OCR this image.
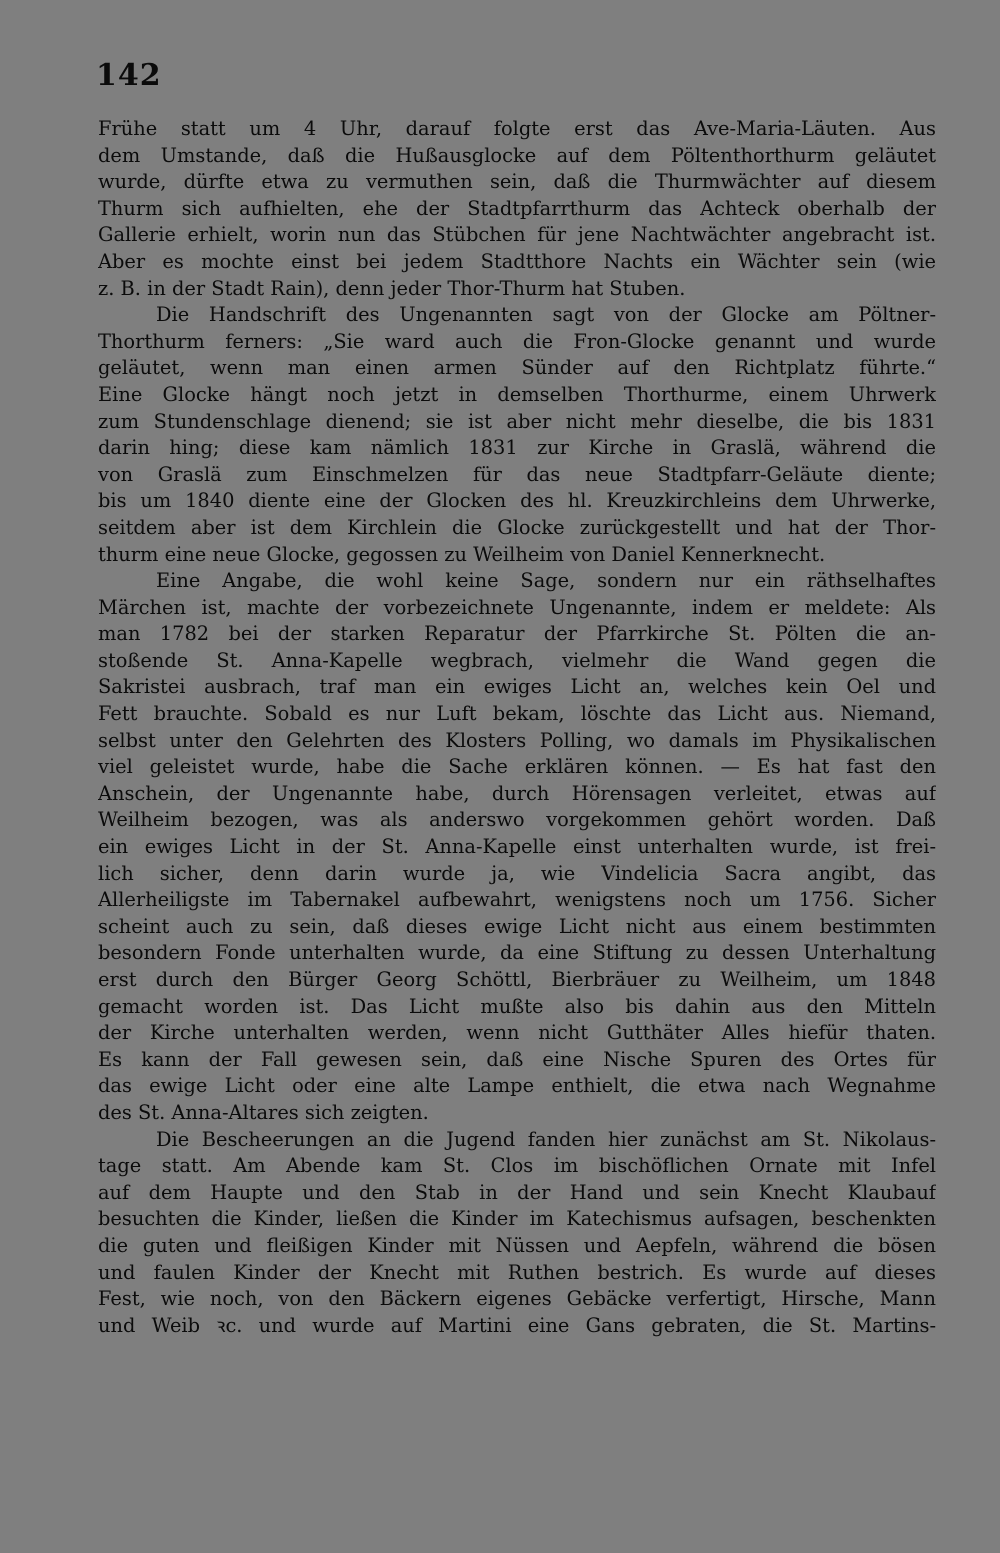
142
Frühe statt um 4 Uhr, darauf folgte erst das Ave-Maria-Läuten. Aus
dem Umstande, daß die Hußausglocke auf dem Pöltenthorthurm geläutet
wurde, dürfte etwa zu vermuthen sein, daß die Thurmwächter auf diesem
Thurm sich aufhielten, ehe der Stadtpfarrthurm das Achteck oberhalb der
Gallerie erhielt, worin nun das Stübchen für jene Nachtwächter angebracht ist.
Aber es mochte einst bei jedem Stadtthore Nachts ein Wächter sein (wie
z. B. in der Stadt Rain), denn jeder Thor-Thurm hat Stuben.
Die Handschrift des Ungenannten sagt von der Glocke am Pöltner-
Thorthurm ferners: „Sie ward auch die Fron-Glocke genannt und wurde
geläutet, wenn man einen armen Sünder auf den Richtplatz führte.“
Eine Glocke hängt noch jetzt in demselben Thorthurme, einem Uhrwerk
zum Stundenschlage dienend; sie ist aber nicht mehr dieselbe, die bis 1831
darin hing; diese kam nämlich 1831 zur Kirche in Graslä, während die
von Graslä zum Einschmelzen für das neue Stadtpfarr-Geläute diente;
bis um 1840 diente eine der Glocken des hl. Kreuzkirchleins dem Uhrwerke,
seitdem aber ist dem Kirchlein die Glocke zurückgestellt und hat der Thor-
thurm eine neue Glocke, gegossen zu Weilheim von Daniel Kennerknecht.
Eine Angabe, die wohl keine Sage, sondern nur ein räthselhaftes
Märchen ist, machte der vorbezeichnete Ungenannte, indem er meldete: Als
man 1782 bei der starken Reparatur der Pfarrkirche St. Pölten die an-
stoßende St. Anna-Kapelle wegbrach, vielmehr die Wand gegen die
Sakristei ausbrach, traf man ein ewiges Licht an, welches kein Oel und
Fett brauchte. Sobald es nur Luft bekam, löschte das Licht aus. Niemand,
selbst unter den Gelehrten des Klosters Polling, wo damals im Physikalischen
viel geleistet wurde, habe die Sache erklären können. — Es hat fast den
Anschein, der Ungenannte habe, durch Hörensagen verleitet, etwas auf
Weilheim bezogen, was als anderswo vorgekommen gehört worden. Daß
ein ewiges Licht in der St. Anna-Kapelle einst unterhalten wurde, ist frei-
lich sicher, denn darin wurde ja, wie Vindelicia Sacra angibt, das
Allerheiligste im Tabernakel aufbewahrt, wenigstens noch um 1756. Sicher
scheint auch zu sein, daß dieses ewige Licht nicht aus einem bestimmten
besondern Fonde unterhalten wurde, da eine Stiftung zu dessen Unterhaltung
erst durch den Bürger Georg Schöttl, Bierbräuer zu Weilheim, um 1848
gemacht worden ist. Das Licht mußte also bis dahin aus den Mitteln
der Kirche unterhalten werden, wenn nicht Gutthäter Alles hiefür thaten.
Es kann der Fall gewesen sein, daß eine Nische Spuren des Ortes für
das ewige Licht oder eine alte Lampe enthielt, die etwa nach Wegnahme
des St. Anna-Altares sich zeigten.
Die Bescheerungen an die Jugend fanden hier zunächst am St. Nikolaus-
tage statt. Am Abende kam St. Clos im bischöflichen Ornate mit Infel
auf dem Haupte und den Stab in der Hand und sein Knecht Klaubauf
besuchten die Kinder, ließen die Kinder im Katechismus aufsagen, beschenkten
die guten und fleißigen Kinder mit Nüssen und Aepfeln, während die bösen
und faulen Kinder der Knecht mit Ruthen bestrich. Es wurde auf dieses
Fest, wie noch, von den Bäckern eigenes Gebäcke verfertigt, Hirsche, Mann
und Weib ꝛc. und wurde auf Martini eine Gans gebraten, die St. Martins-
